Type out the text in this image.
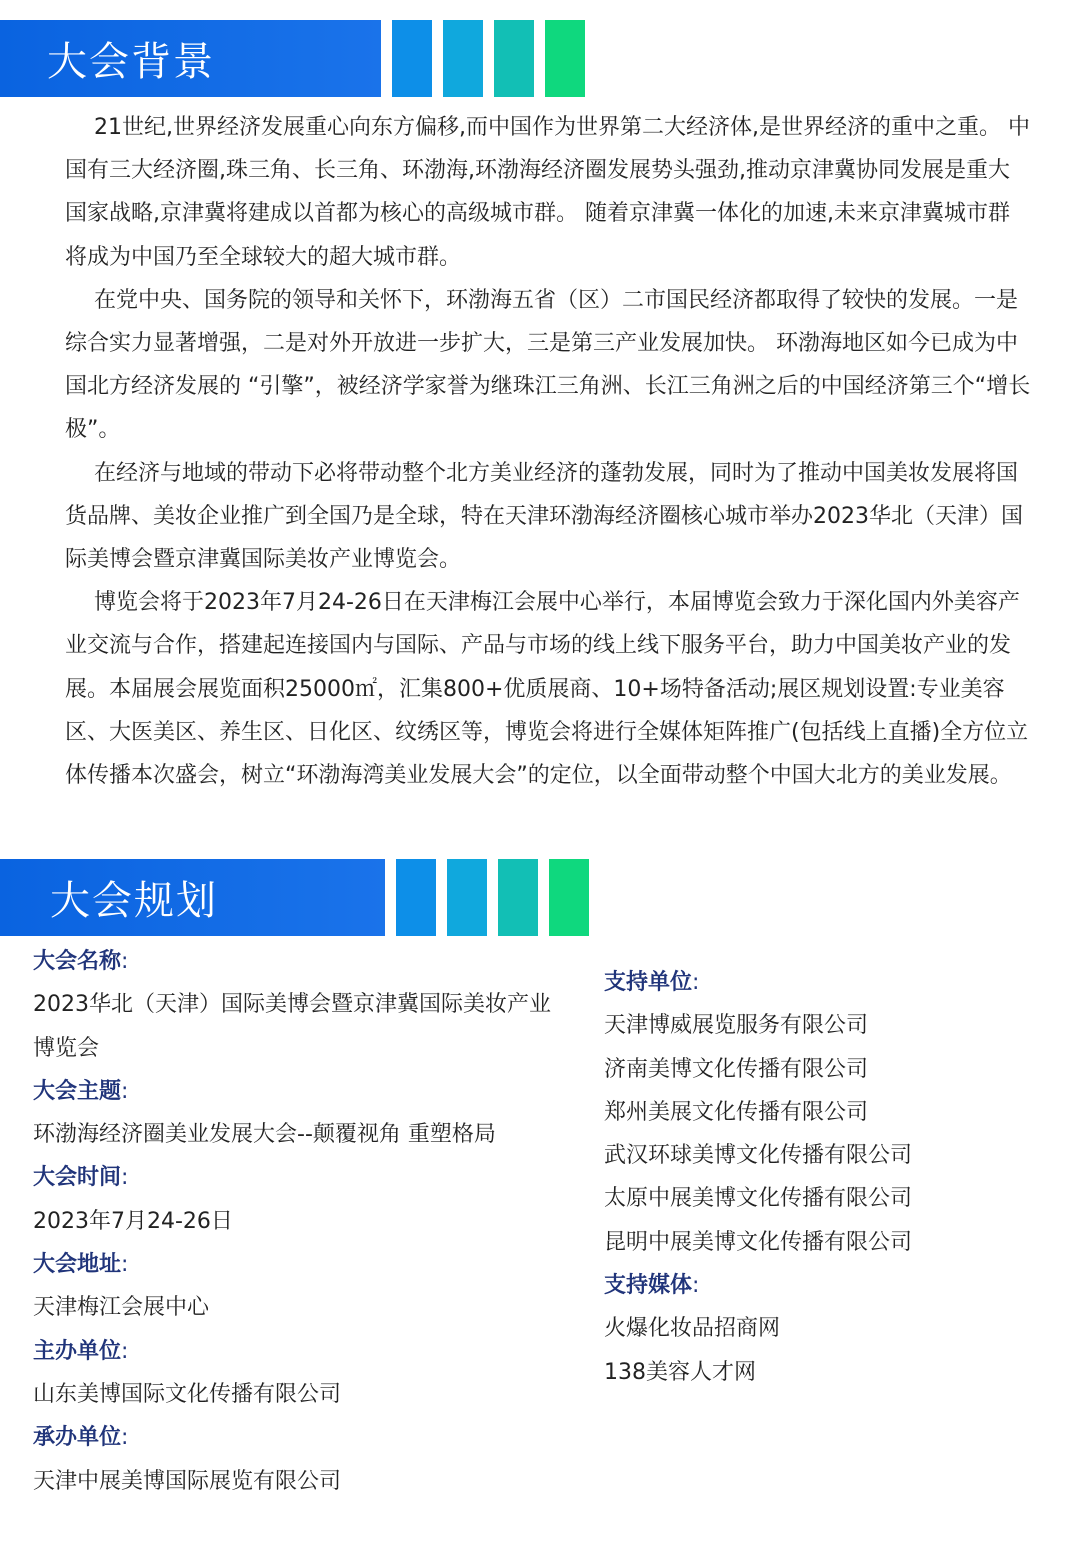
大会背景

　 21世纪,世界经济发展重心向东方偏移,而中国作为世界第二大经济体,是世界经济的重中之重。 中国有三大经济圈,珠三角、长三角、环渤海,环渤海经济圈发展势头强劲,推动京津冀协同发展是重大国家战略,京津冀将建成以首都为核心的高级城市群。 随着京津冀一体化的加速,未来京津冀城市群将成为中国乃至全球较大的超大城市群。

　 在党中央、国务院的领导和关怀下，环渤海五省（区）二市国民经济都取得了较快的发展。一是综合实力显著增强，二是对外开放进一步扩大，三是第三产业发展加快。 环渤海地区如今已成为中国北方经济发展的 “引擎”，被经济学家誉为继珠江三角洲、长江三角洲之后的中国经济第三个“增长极”。

　 在经济与地域的带动下必将带动整个北方美业经济的蓬勃发展，同时为了推动中国美妆发展将国货品牌、美妆企业推广到全国乃是全球，特在天津环渤海经济圈核心城市举办2023华北（天津）国际美博会暨京津冀国际美妆产业博览会。

　 博览会将于2023年7月24-26日在天津梅江会展中心举行，本届博览会致力于深化国内外美容产业交流与合作，搭建起连接国内与国际、产品与市场的线上线下服务平台，助力中国美妆产业的发展。本届展会展览面积25000㎡，汇集800+优质展商、10+场特备活动;展区规划设置:专业美容区、大医美区、养生区、日化区、纹绣区等，博览会将进行全媒体矩阵推广(包括线上直播)全方位立体传播本次盛会，树立“环渤海湾美业发展大会”的定位，以全面带动整个中国大北方的美业发展。

大会规划
大会名称:
2023华北（天津）国际美博会暨京津冀国际美妆产业博览会
大会主题:
环渤海经济圈美业发展大会--颠覆视角 重塑格局
大会时间:
2023年7月24-26日
大会地址:
天津梅江会展中心
主办单位:
山东美博国际文化传播有限公司
承办单位:
天津中展美博国际展览有限公司
支持单位:
天津博威展览服务有限公司
济南美博文化传播有限公司
郑州美展文化传播有限公司
武汉环球美博文化传播有限公司
太原中展美博文化传播有限公司
昆明中展美博文化传播有限公司
支持媒体:
火爆化妆品招商网
138美容人才网
